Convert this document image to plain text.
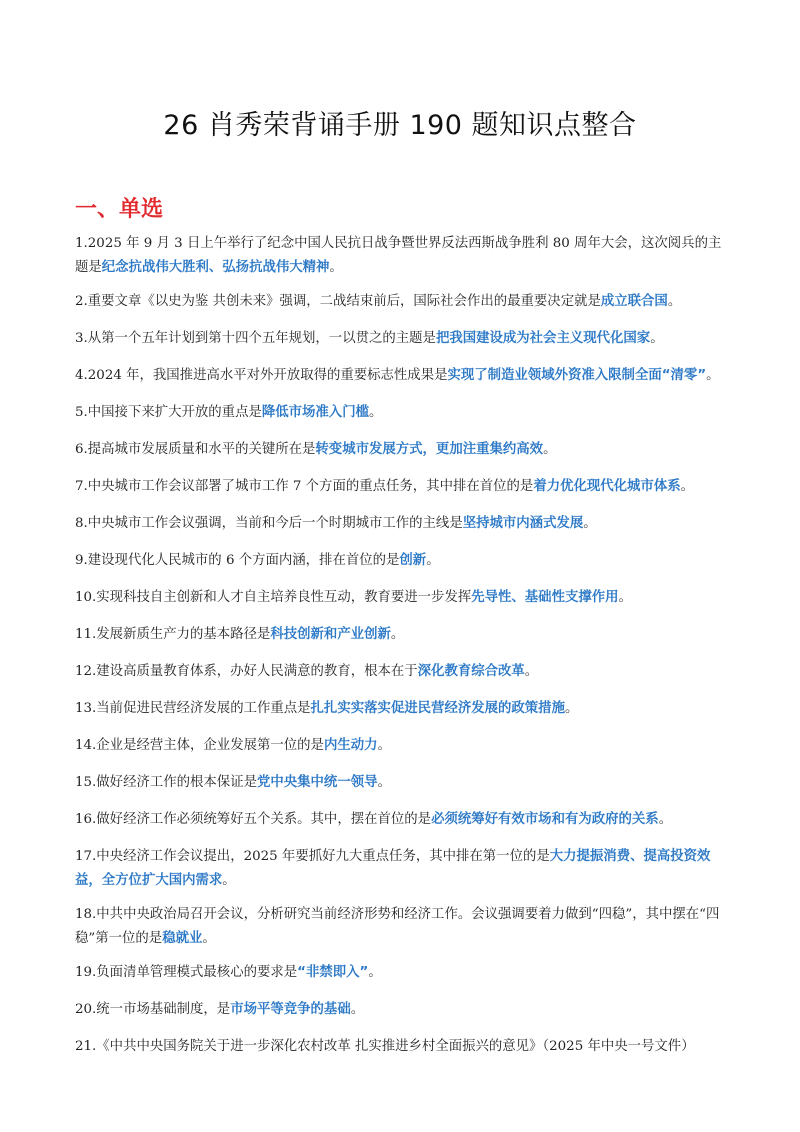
26 肖秀荣背诵手册 190 题知识点整合
一、单选
1.2025 年 9 月 3 日上午举行了纪念中国人民抗日战争暨世界反法西斯战争胜利 80 周年大会，这次阅兵的主题是纪念抗战伟大胜利、弘扬抗战伟大精神。
2.重要文章《以史为鉴 共创未来》强调，二战结束前后，国际社会作出的最重要决定就是成立联合国。
3.从第一个五年计划到第十四个五年规划，一以贯之的主题是把我国建设成为社会主义现代化国家。
4.2024 年，我国推进高水平对外开放取得的重要标志性成果是实现了制造业领域外资准入限制全面“清零”。
5.中国接下来扩大开放的重点是降低市场准入门槛。
6.提高城市发展质量和水平的关键所在是转变城市发展方式，更加注重集约高效。
7.中央城市工作会议部署了城市工作 7 个方面的重点任务，其中排在首位的是着力优化现代化城市体系。
8.中央城市工作会议强调，当前和今后一个时期城市工作的主线是坚持城市内涵式发展。
9.建设现代化人民城市的 6 个方面内涵，排在首位的是创新。
10.实现科技自主创新和人才自主培养良性互动，教育要进一步发挥先导性、基础性支撑作用。
11.发展新质生产力的基本路径是科技创新和产业创新。
12.建设高质量教育体系，办好人民满意的教育，根本在于深化教育综合改革。
13.当前促进民营经济发展的工作重点是扎扎实实落实促进民营经济发展的政策措施。
14.企业是经营主体，企业发展第一位的是内生动力。
15.做好经济工作的根本保证是党中央集中统一领导。
16.做好经济工作必须统筹好五个关系。其中，摆在首位的是必须统筹好有效市场和有为政府的关系。
17.中央经济工作会议提出，2025 年要抓好九大重点任务，其中排在第一位的是大力提振消费、提高投资效益，全方位扩大国内需求。
18.中共中央政治局召开会议，分析研究当前经济形势和经济工作。会议强调要着力做到“四稳”，其中摆在“四稳”第一位的是稳就业。
19.负面清单管理模式最核心的要求是“非禁即入”。
20.统一市场基础制度，是市场平等竞争的基础。
21.《中共中央国务院关于进一步深化农村改革 扎实推进乡村全面振兴的意见》（2025 年中央一号文件）
